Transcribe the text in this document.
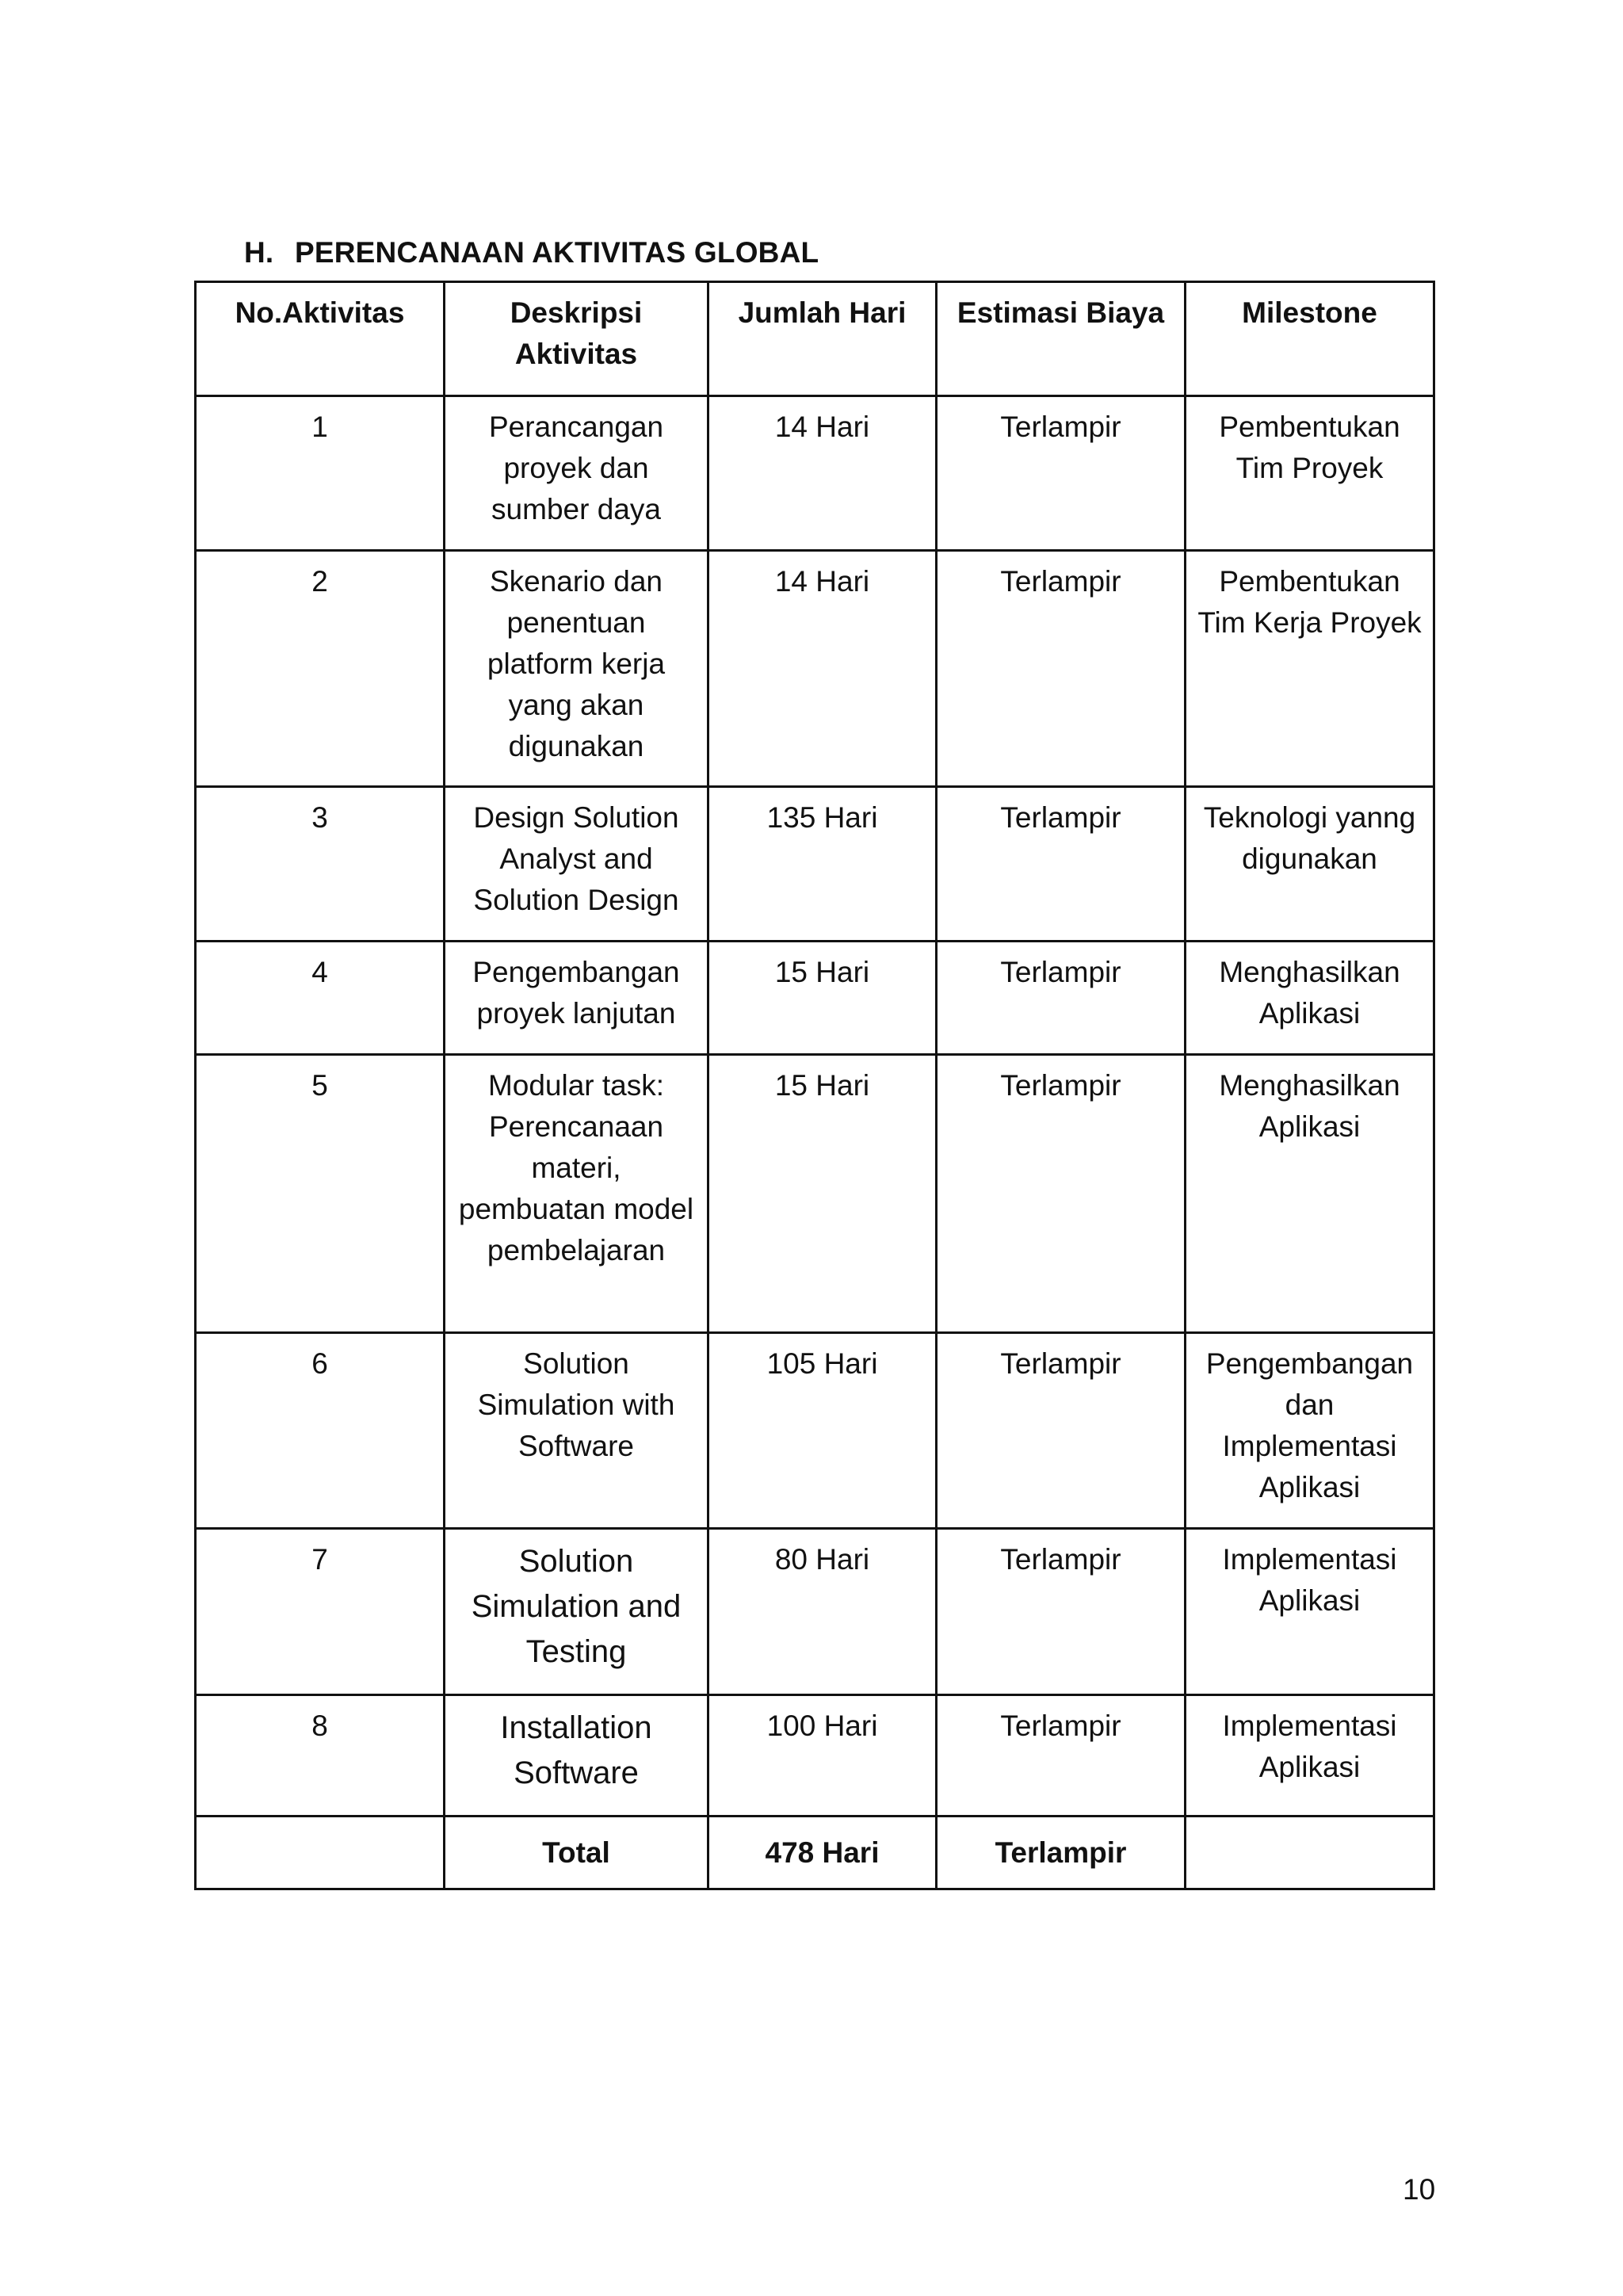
H. PERENCANAAN AKTIVITAS GLOBAL
No.Aktivitas	Deskripsi Aktivitas	Jumlah Hari	Estimasi Biaya	Milestone
1	Perancangan proyek dan sumber daya	14 Hari	Terlampir	Pembentukan Tim Proyek
2	Skenario dan penentuan platform kerja yang akan digunakan	14 Hari	Terlampir	Pembentukan Tim Kerja Proyek
3	Design Solution Analyst and Solution Design	135 Hari	Terlampir	Teknologi yanng digunakan
4	Pengembangan proyek lanjutan	15 Hari	Terlampir	Menghasilkan Aplikasi
5	Modular task: Perencanaan materi, pembuatan model pembelajaran	15 Hari	Terlampir	Menghasilkan Aplikasi
6	Solution Simulation with Software	105 Hari	Terlampir	Pengembangan dan Implementasi Aplikasi
7	Solution Simulation and Testing	80 Hari	Terlampir	Implementasi Aplikasi
8	Installation Software	100 Hari	Terlampir	Implementasi Aplikasi
	Total	478 Hari	Terlampir	
10
